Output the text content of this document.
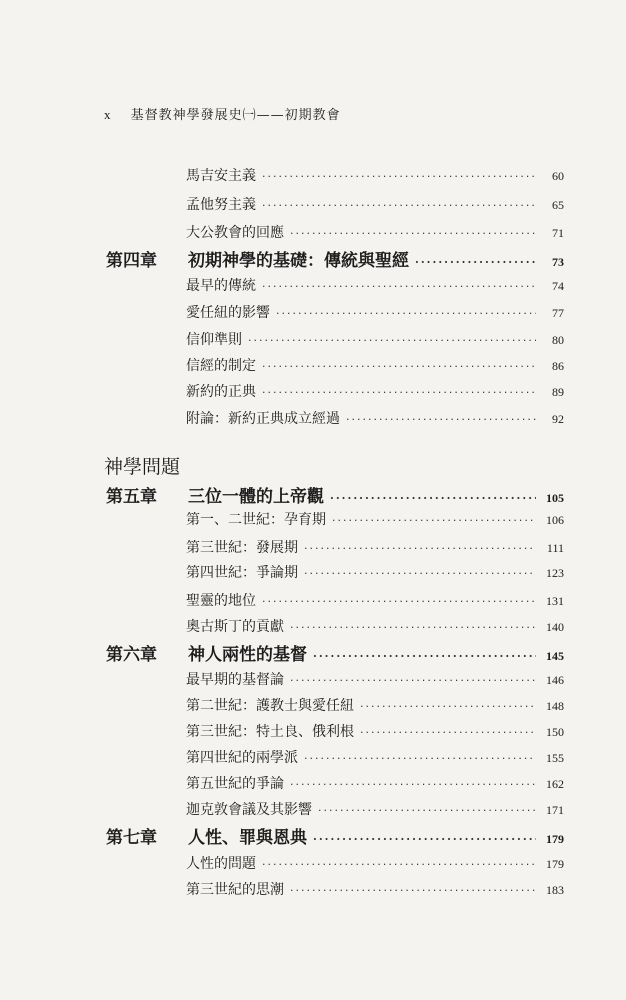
x 基督教神學發展史㈠——初期教會
神學問題
馬吉安主義 ·····	60
孟他努主義 ·····	65
大公教會的回應 ·····	71
第四章 初期神學的基礎：傳統與聖經 ·····	73
最早的傳統 ·····	74
愛任紐的影響 ·····	77
信仰準則 ·····	80
信經的制定 ·····	86
新約的正典 ·····	89
附論：新約正典成立經過 ·····	92
第五章 三位一體的上帝觀 ·····	105
第一、二世紀：孕育期 ·····	106
第三世紀：發展期 ·····	111
第四世紀：爭論期 ·····	123
聖靈的地位 ·····	131
奧古斯丁的貢獻 ·····	140
第六章 神人兩性的基督 ·····	145
最早期的基督論 ·····	146
第二世紀：護教士與愛任紐 ·····	148
第三世紀：特土良、俄利根 ·····	150
第四世紀的兩學派 ·····	155
第五世紀的爭論 ·····	162
迦克敦會議及其影響 ·····	171
第七章 人性、罪與恩典 ·····	179
人性的問題 ·····	179
第三世紀的思潮 ·····	183
